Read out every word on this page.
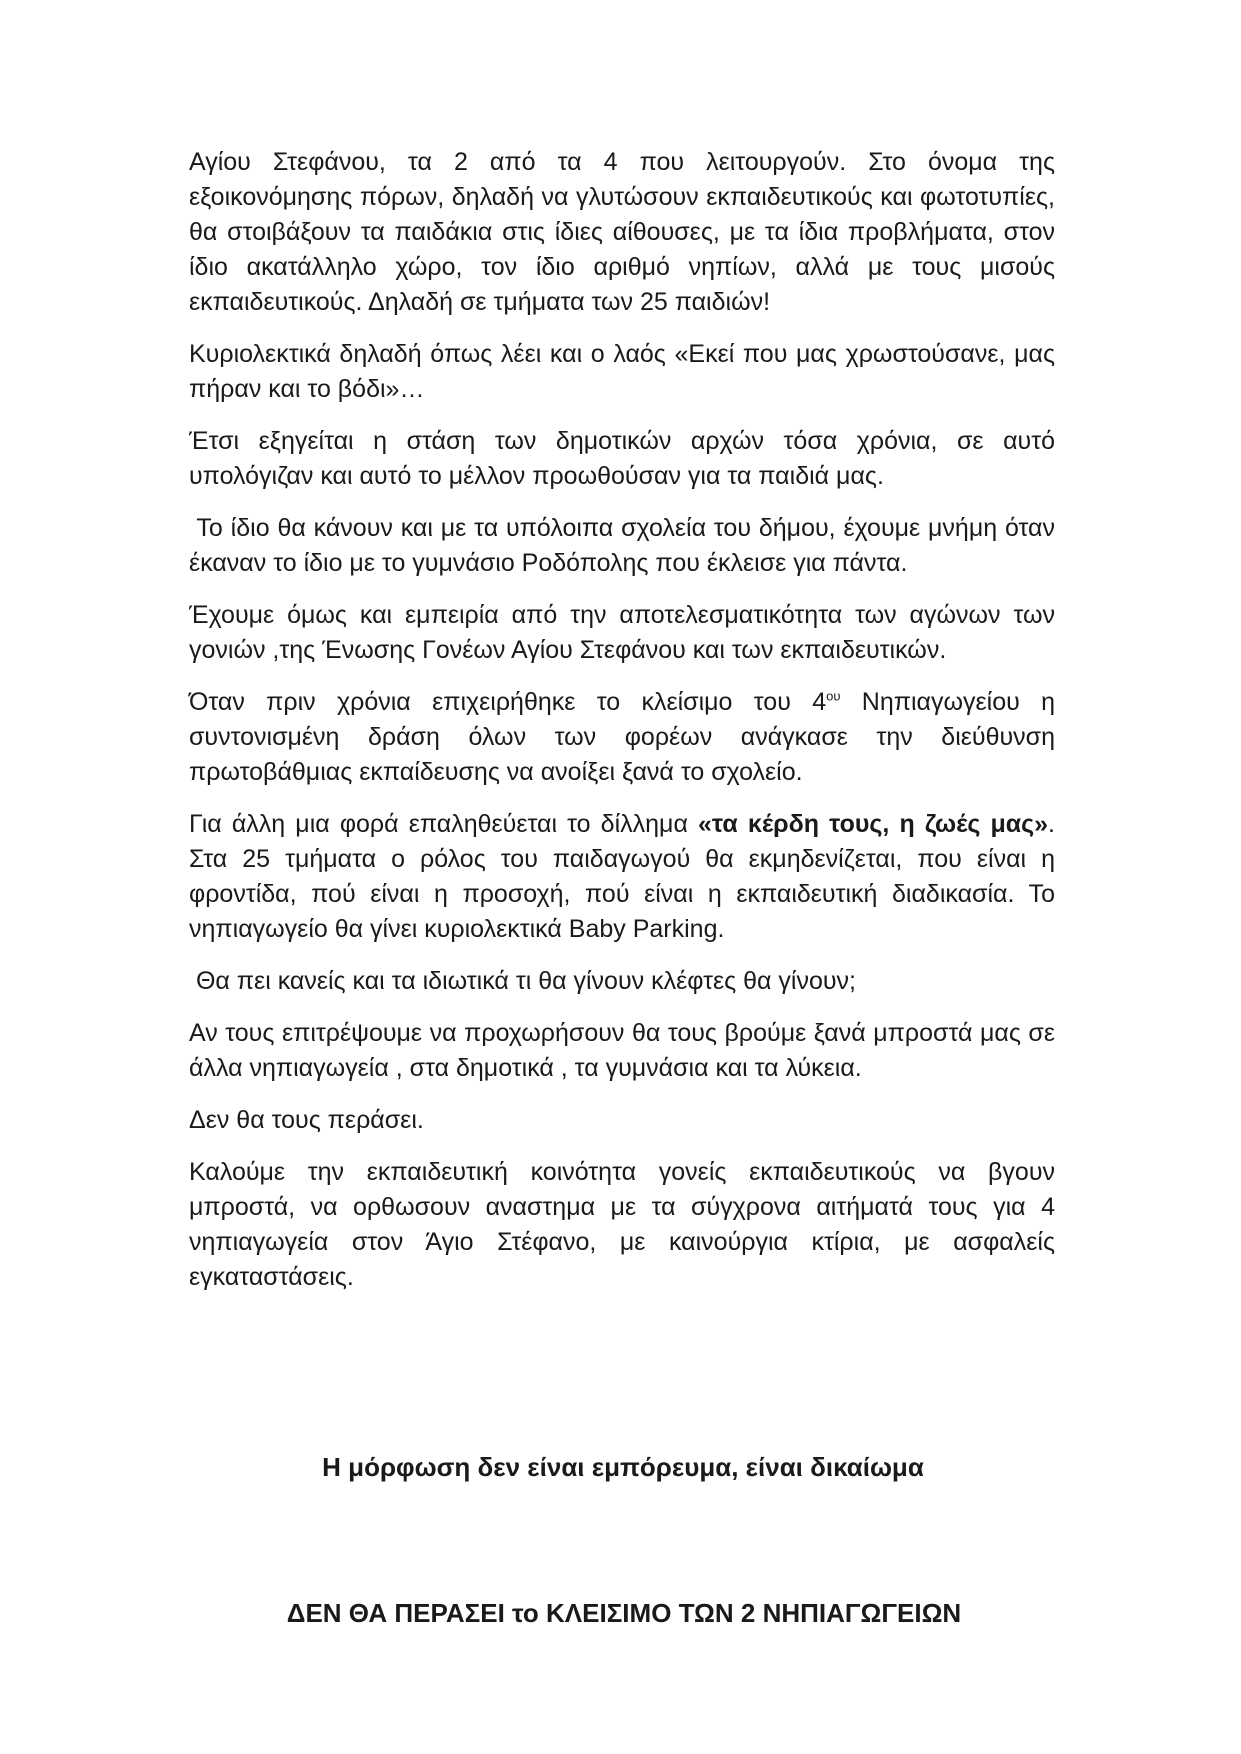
Αγίου Στεφάνου, τα 2 από τα 4 που λειτουργούν. Στο όνομα της εξοικονόμησης πόρων, δηλαδή να γλυτώσουν εκπαιδευτικούς και φωτοτυπίες, θα στοιβάξουν τα παιδάκια στις ίδιες αίθουσες, με τα ίδια προβλήματα, στον ίδιο ακατάλληλο χώρο, τον ίδιο αριθμό νηπίων, αλλά με τους μισούς εκπαιδευτικούς. Δηλαδή σε τμήματα των 25 παιδιών!

Κυριολεκτικά δηλαδή όπως λέει και ο λαός «Εκεί που μας χρωστούσανε, μας πήραν και το βόδι»…

Έτσι εξηγείται η στάση των δημοτικών αρχών τόσα χρόνια, σε αυτό υπολόγιζαν και αυτό το μέλλον προωθούσαν για τα παιδιά μας.

Το ίδιο θα κάνουν και με τα υπόλοιπα σχολεία του δήμου, έχουμε μνήμη όταν έκαναν το ίδιο με το γυμνάσιο Ροδόπολης που έκλεισε για πάντα.

Έχουμε όμως και εμπειρία από την αποτελεσματικότητα των αγώνων των γονιών ,της Ένωσης Γονέων Αγίου Στεφάνου και των εκπαιδευτικών.

Όταν πριν χρόνια επιχειρήθηκε το κλείσιμο του $4^{o\upsilon}$ Νηπιαγωγείου η συντονισμένη δράση όλων των φορέων ανάγκασε την διεύθυνση πρωτοβάθμιας εκπαίδευσης να ανοίξει ξανά το σχολείο.

Για άλλη μια φορά επαληθεύεται το δίλλημα «τα κέρδη τους, η ζωές μας». Στα 25 τμήματα ο ρόλος του παιδαγωγού θα εκμηδενίζεται, που είναι η φροντίδα, πού είναι η προσοχή, πού είναι η εκπαιδευτική διαδικασία. Το νηπιαγωγείο θα γίνει κυριολεκτικά Baby Parking.

Θα πει κανείς και τα ιδιωτικά τι θα γίνουν κλέφτες θα γίνουν;

Αν τους επιτρέψουμε να προχωρήσουν θα τους βρούμε ξανά μπροστά μας σε άλλα νηπιαγωγεία , στα δημοτικά , τα γυμνάσια και τα λύκεια.

Δεν θα τους περάσει.

Καλούμε την εκπαιδευτική κοινότητα γονείς εκπαιδευτικούς να βγουν μπροστά, να ορθωσουν αναστημα με τα σύγχρονα αιτήματά τους για 4 νηπιαγωγεία στον Άγιο Στέφανο, με καινούργια κτίρια, με ασφαλείς εγκαταστάσεις.

Η μόρφωση δεν είναι εμπόρευμα, είναι δικαίωμα
ΔΕΝ ΘΑ ΠΕΡΑΣΕΙ το ΚΛΕΙΣΙΜΟ ΤΩΝ 2 ΝΗΠΙΑΓΩΓΕΙΩΝ
